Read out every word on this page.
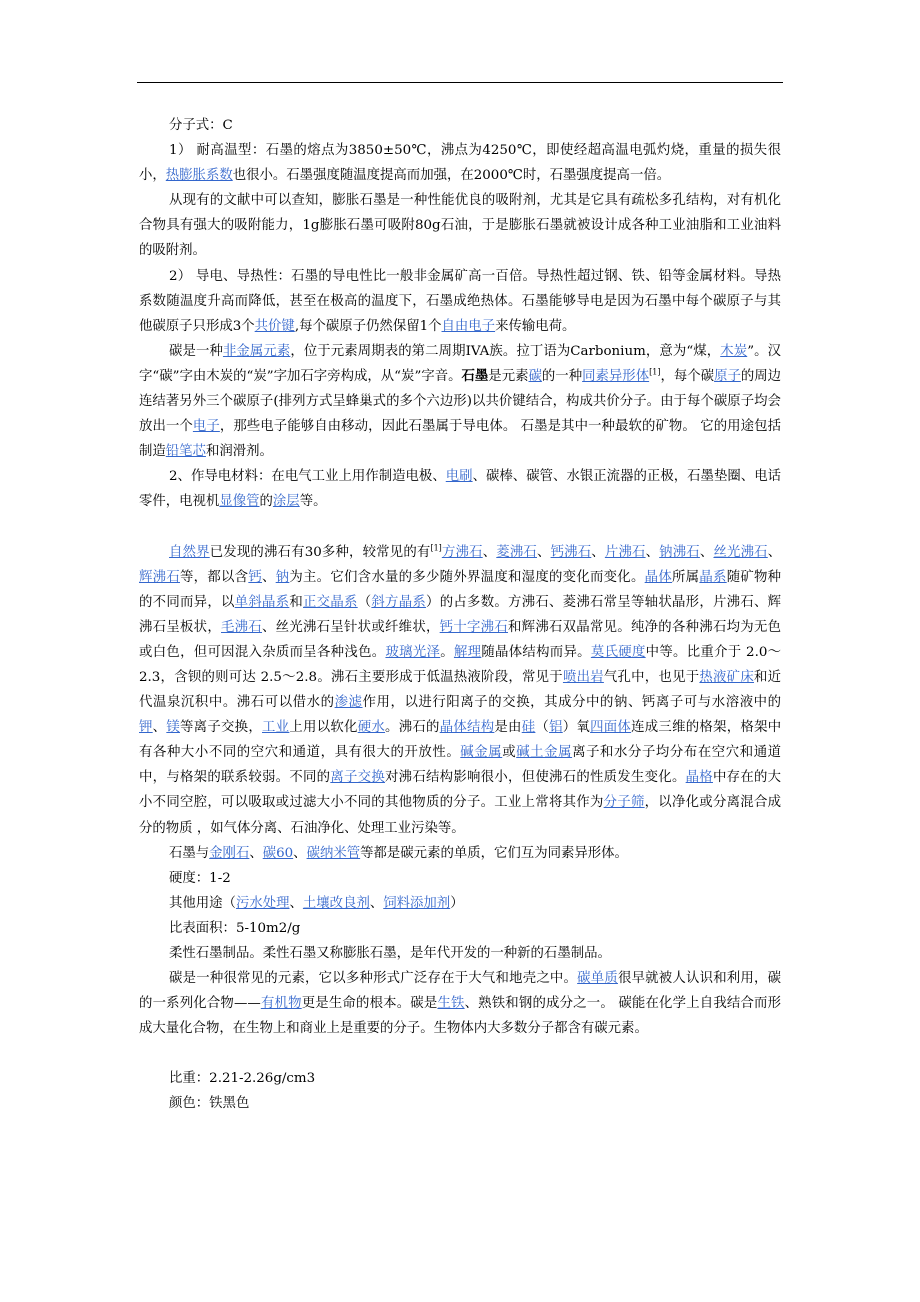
分子式：C

1） 耐高温型：石墨的熔点为3850±50℃，沸点为4250℃，即使经超高温电弧灼烧，重量的损失很小，热膨胀系数也很小。石墨强度随温度提高而加强，在2000℃时，石墨强度提高一倍。

从现有的文献中可以查知，膨胀石墨是一种性能优良的吸附剂，尤其是它具有疏松多孔结构，对有机化合物具有强大的吸附能力，1g膨胀石墨可吸附80g石油，于是膨胀石墨就被设计成各种工业油脂和工业油料的吸附剂。

2） 导电、导热性：石墨的导电性比一般非金属矿高一百倍。导热性超过钢、铁、铅等金属材料。导热系数随温度升高而降低，甚至在极高的温度下，石墨成绝热体。石墨能够导电是因为石墨中每个碳原子与其他碳原子只形成3个共价键,每个碳原子仍然保留1个自由电子来传输电荷。

碳是一种非金属元素，位于元素周期表的第二周期IVA族。拉丁语为Carbonium，意为“煤，木炭”。汉字“碳”字由木炭的“炭”字加石字旁构成，从“炭”字音。石墨是元素碳的一种同素异形体[1]，每个碳原子的周边连结著另外三个碳原子(排列方式呈蜂巢式的多个六边形)以共价键结合，构成共价分子。由于每个碳原子均会放出一个电子，那些电子能够自由移动，因此石墨属于导电体。 石墨是其中一种最软的矿物。 它的用途包括制造铅笔芯和润滑剂。

2、作导电材料：在电气工业上用作制造电极、电刷、碳棒、碳管、水银正流器的正极，石墨垫圈、电话零件，电视机显像管的涂层等。

自然界已发现的沸石有30多种，较常见的有[1]方沸石、菱沸石、钙沸石、片沸石、钠沸石、丝光沸石、辉沸石等，都以含钙、钠为主。它们含水量的多少随外界温度和湿度的变化而变化。晶体所属晶系随矿物种的不同而异，以单斜晶系和正交晶系（斜方晶系）的占多数。方沸石、菱沸石常呈等轴状晶形，片沸石、辉沸石呈板状，毛沸石、丝光沸石呈针状或纤维状，钙十字沸石和辉沸石双晶常见。纯净的各种沸石均为无色或白色，但可因混入杂质而呈各种浅色。玻璃光泽。解理随晶体结构而异。莫氏硬度中等。比重介于 2.0～2.3，含钡的则可达 2.5～2.8。沸石主要形成于低温热液阶段，常见于喷出岩气孔中，也见于热液矿床和近代温泉沉积中。沸石可以借水的渗滤作用，以进行阳离子的交换，其成分中的钠、钙离子可与水溶液中的钾、镁等离子交换，工业上用以软化硬水。沸石的晶体结构是由硅（铝）氧四面体连成三维的格架，格架中有各种大小不同的空穴和通道，具有很大的开放性。碱金属或碱土金属离子和水分子均分布在空穴和通道中，与格架的联系较弱。不同的离子交换对沸石结构影响很小，但使沸石的性质发生变化。晶格中存在的大小不同空腔，可以吸取或过滤大小不同的其他物质的分子。工业上常将其作为分子筛，以净化或分离混合成分的物质 ，如气体分离、石油净化、处理工业污染等。

石墨与金刚石、碳60、碳纳米管等都是碳元素的单质，它们互为同素异形体。

硬度：1-2

其他用途（污水处理、土壤改良剂、饲料添加剂）

比表面积：5-10m2/g

柔性石墨制品。柔性石墨又称膨胀石墨，是年代开发的一种新的石墨制品。

碳是一种很常见的元素，它以多种形式广泛存在于大气和地壳之中。碳单质很早就被人认识和利用，碳的一系列化合物——有机物更是生命的根本。碳是生铁、熟铁和钢的成分之一。 碳能在化学上自我结合而形成大量化合物，在生物上和商业上是重要的分子。生物体内大多数分子都含有碳元素。

比重：2.21-2.26g/cm3

颜色：铁黑色
